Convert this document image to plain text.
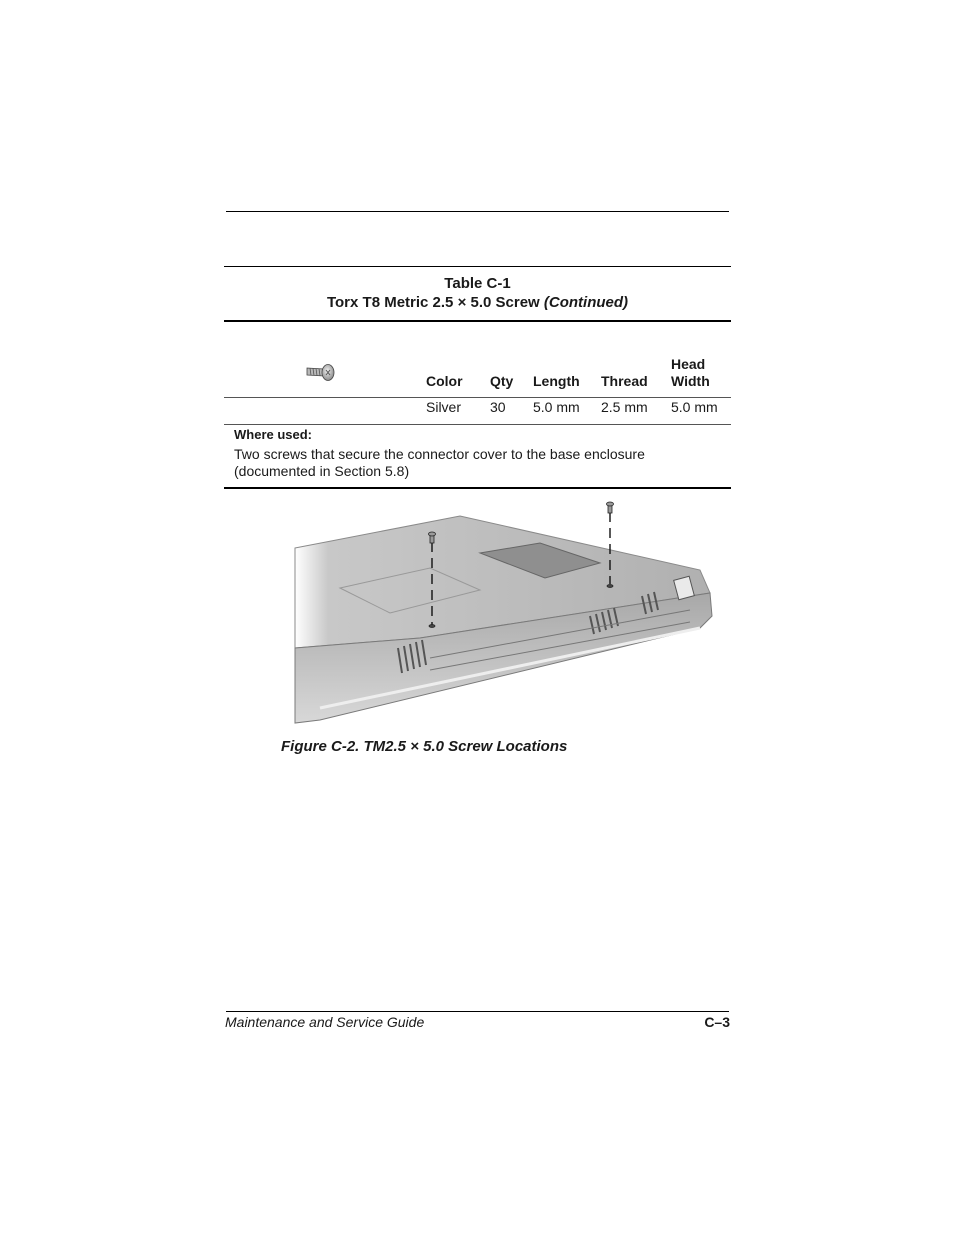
Table C-1
Torx T8 Metric 2.5 × 5.0 Screw (Continued)
Color Qty Length Thread
Head
Width
Silver 30 5.0 mm 2.5 mm 5.0 mm
Where used:
Two screws that secure the connector cover to the base enclosure
(documented in Section 5.8)
Figure C-2. TM2.5 × 5.0 Screw Locations
Maintenance and Service Guide	C–3
